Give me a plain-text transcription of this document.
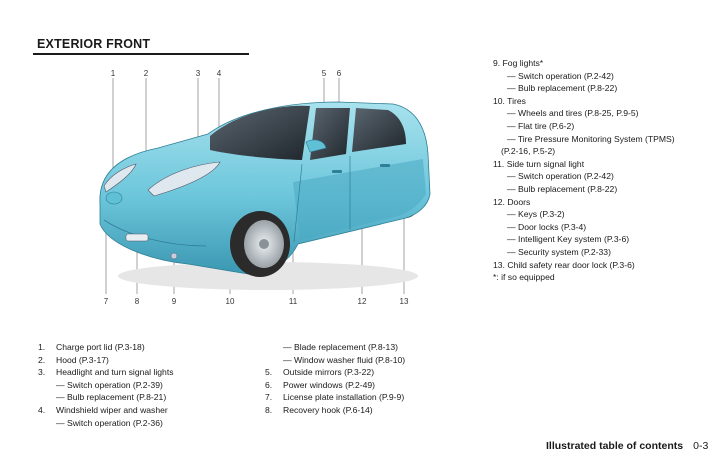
EXTERIOR FRONT
1	2	3 4	5 6
7	8	9	10	11	12	13
1. Charge port lid (P.3-18)
2. Hood (P.3-17)
3. Headlight and turn signal lights
— Switch operation (P.2-39)
— Bulb replacement (P.8-21)
4. Windshield wiper and washer
— Switch operation (P.2-36)
— Blade replacement (P.8-13)
— Window washer fluid (P.8-10)
5. Outside mirrors (P.3-22)
6. Power windows (P.2-49)
7. License plate installation (P.9-9)
8. Recovery hook (P.6-14)
9. Fog lights*
— Switch operation (P.2-42)
— Bulb replacement (P.8-22)
10. Tires
— Wheels and tires (P.8-25, P.9-5)
— Flat tire (P.6-2)
— Tire Pressure Monitoring System (TPMS)
(P.2-16, P.5-2)
11. Side turn signal light
— Switch operation (P.2-42)
— Bulb replacement (P.8-22)
12. Doors
— Keys (P.3-2)
— Door locks (P.3-4)
— Intelligent Key system (P.3-6)
— Security system (P.2-33)
13. Child safety rear door lock (P.3-6)
*: if so equipped
Illustrated table of contents 0-3
